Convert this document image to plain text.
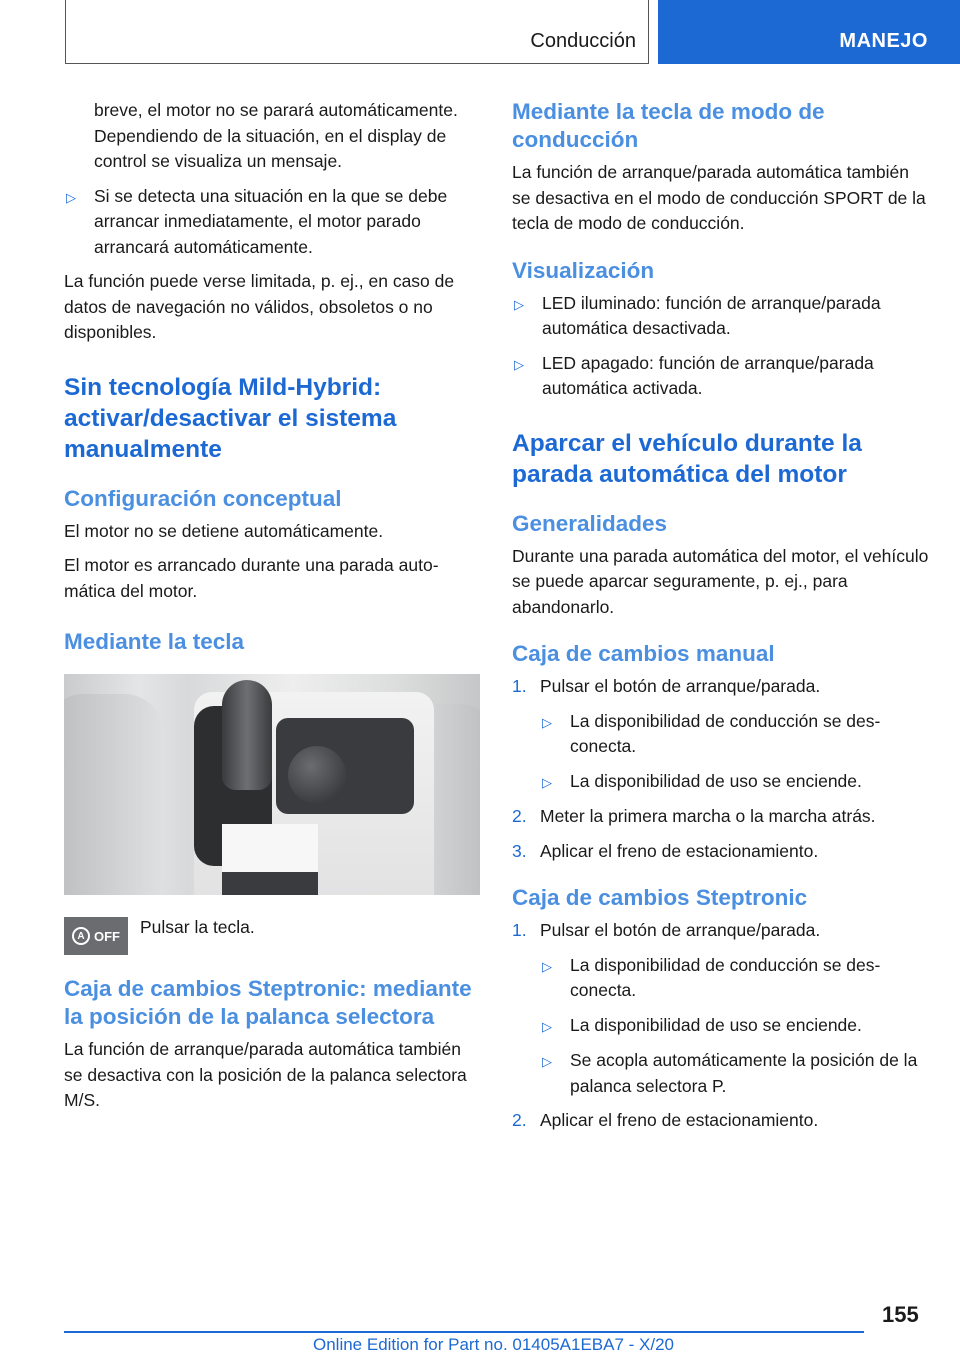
Conducción	MANEJO

breve, el motor no se parará automáticamente. Dependiendo de la situación, en el display de control se visualiza un mensaje.

▷	Si se detecta una situación en la que se debe arrancar inmediatamente, el motor parado arrancará automáticamente.

La función puede verse limitada, p. ej., en caso de datos de navegación no válidos, obsoletos o no disponibles.

Sin tecnología Mild-Hybrid: activar/desactivar el sistema manualmente
Configuración conceptual

El motor no se detiene automáticamente.

El motor es arrancado durante una parada automática del motor.

Mediante la tecla
A OFF Pulsar la tecla.
Caja de cambios Steptronic: mediante la posición de la palanca selectora

La función de arranque/parada automática también se desactiva con la posición de la palanca selectora M/S.

Mediante la tecla de modo de conducción

La función de arranque/parada automática también se desactiva en el modo de conducción SPORT de la tecla de modo de conducción.

Visualización
▷	LED iluminado: función de arranque/parada automática desactivada.
▷	LED apagado: función de arranque/parada automática activada.
Aparcar el vehículo durante la parada automática del motor
Generalidades

Durante una parada automática del motor, el vehículo se puede aparcar seguramente, p. ej., para abandonarlo.

Caja de cambios manual
1. Pulsar el botón de arranque/parada.
▷	La disponibilidad de conducción se desconecta.
▷	La disponibilidad de uso se enciende.
2. Meter la primera marcha o la marcha atrás.
3. Aplicar el freno de estacionamiento.
Caja de cambios Steptronic
1. Pulsar el botón de arranque/parada.
▷	La disponibilidad de conducción se desconecta.
▷	La disponibilidad de uso se enciende.
▷	Se acopla automáticamente la posición de la palanca selectora P.
2. Aplicar el freno de estacionamiento.
155
Online Edition for Part no. 01405A1EBA7 - X/20
